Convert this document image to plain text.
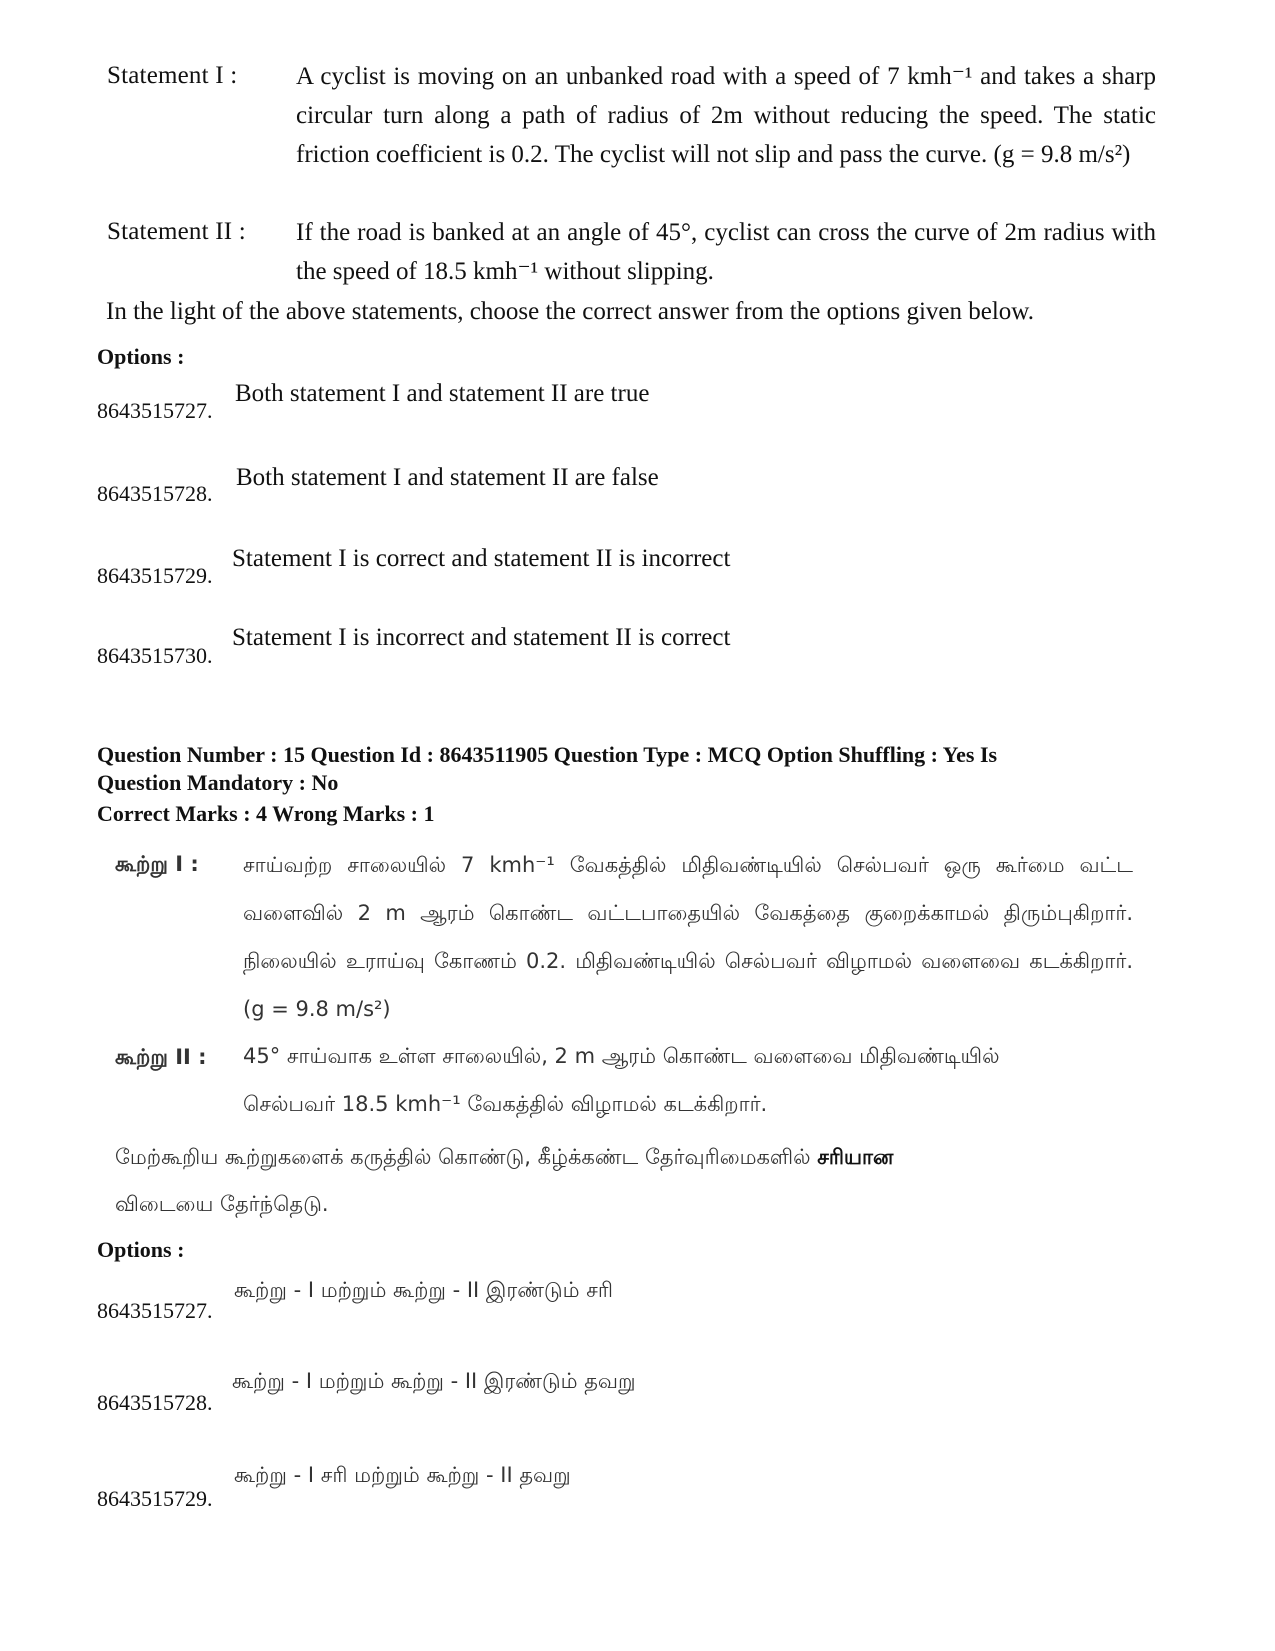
Statement I : A cyclist is moving on an unbanked road with a speed of 7 kmh⁻¹ and takes a sharp circular turn along a path of radius of 2m without reducing the speed. The static friction coefficient is 0.2. The cyclist will not slip and pass the curve. (g = 9.8 m/s²)
Statement II : If the road is banked at an angle of 45°, cyclist can cross the curve of 2m radius with the speed of 18.5 kmh⁻¹ without slipping.
In the light of the above statements, choose the correct answer from the options given below.
Options :
8643515727.
Both statement I and statement II are true
8643515728.
Both statement I and statement II are false
8643515729.
Statement I is correct and statement II is incorrect
8643515730.
Statement I is incorrect and statement II is correct
Question Number : 15 Question Id : 8643511905 Question Type : MCQ Option Shuffling : Yes Is
Question Mandatory : No
Correct Marks : 4 Wrong Marks : 1
கூற்று I : சாய்வற்ற சாலையில் 7 kmh⁻¹ வேகத்தில் மிதிவண்டியில் செல்பவர் ஒரு கூர்மை வட்ட வளைவில் 2 m ஆரம் கொண்ட வட்டபாதையில் வேகத்தை குறைக்காமல் திரும்புகிறார். நிலையில் உராய்வு கோணம் 0.2. மிதிவண்டியில் செல்பவர் விழாமல் வளைவை கடக்கிறார். (g = 9.8 m/s²)
கூற்று II : 45° சாய்வாக உள்ள சாலையில், 2 m ஆரம் கொண்ட வளைவை மிதிவண்டியில்
செல்பவர் 18.5 kmh⁻¹ வேகத்தில் விழாமல் கடக்கிறார்.
மேற்கூறிய கூற்றுகளைக் கருத்தில் கொண்டு, கீழ்க்கண்ட தேர்வுரிமைகளில் சரியான
விடையை தேர்ந்தெடு.
Options :
8643515727.
கூற்று - I மற்றும் கூற்று - II இரண்டும் சரி
8643515728.
கூற்று - I மற்றும் கூற்று - II இரண்டும் தவறு
8643515729.
கூற்று - I சரி மற்றும் கூற்று - II தவறு
